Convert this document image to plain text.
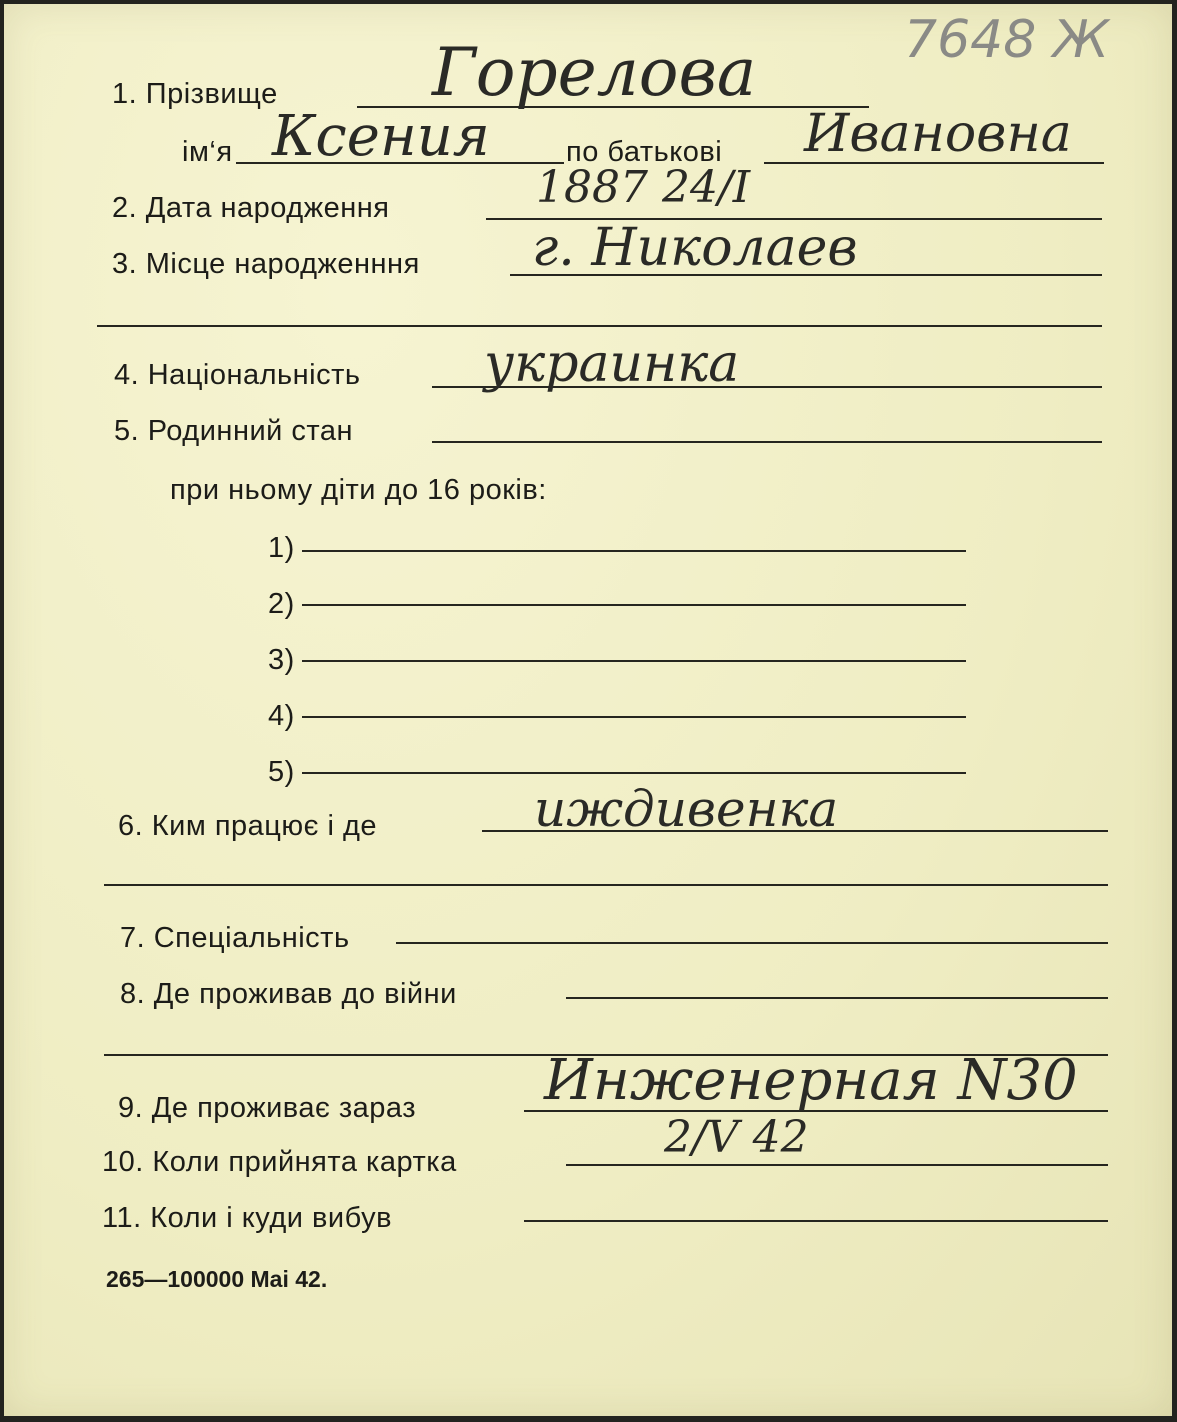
7648 Ж
1. Прізвище Горелова
ім‘я Ксения	по батькові Ивановна
2. Дата народження	1887 24/I
3. Місце народженння г. Николаев
4. Національність украинка
5. Родинний стан
при ньому діти до 16 років:
1)
2)
3)
4)
5)
6. Ким працює і де	иждивенка
7. Спеціальність
8. Де проживав до війни
9. Де проживає зараз Инженерная N30
10. Коли прийнята картка	2/V 42
11. Коли і куди вибув
265—100000 Mai 42.
